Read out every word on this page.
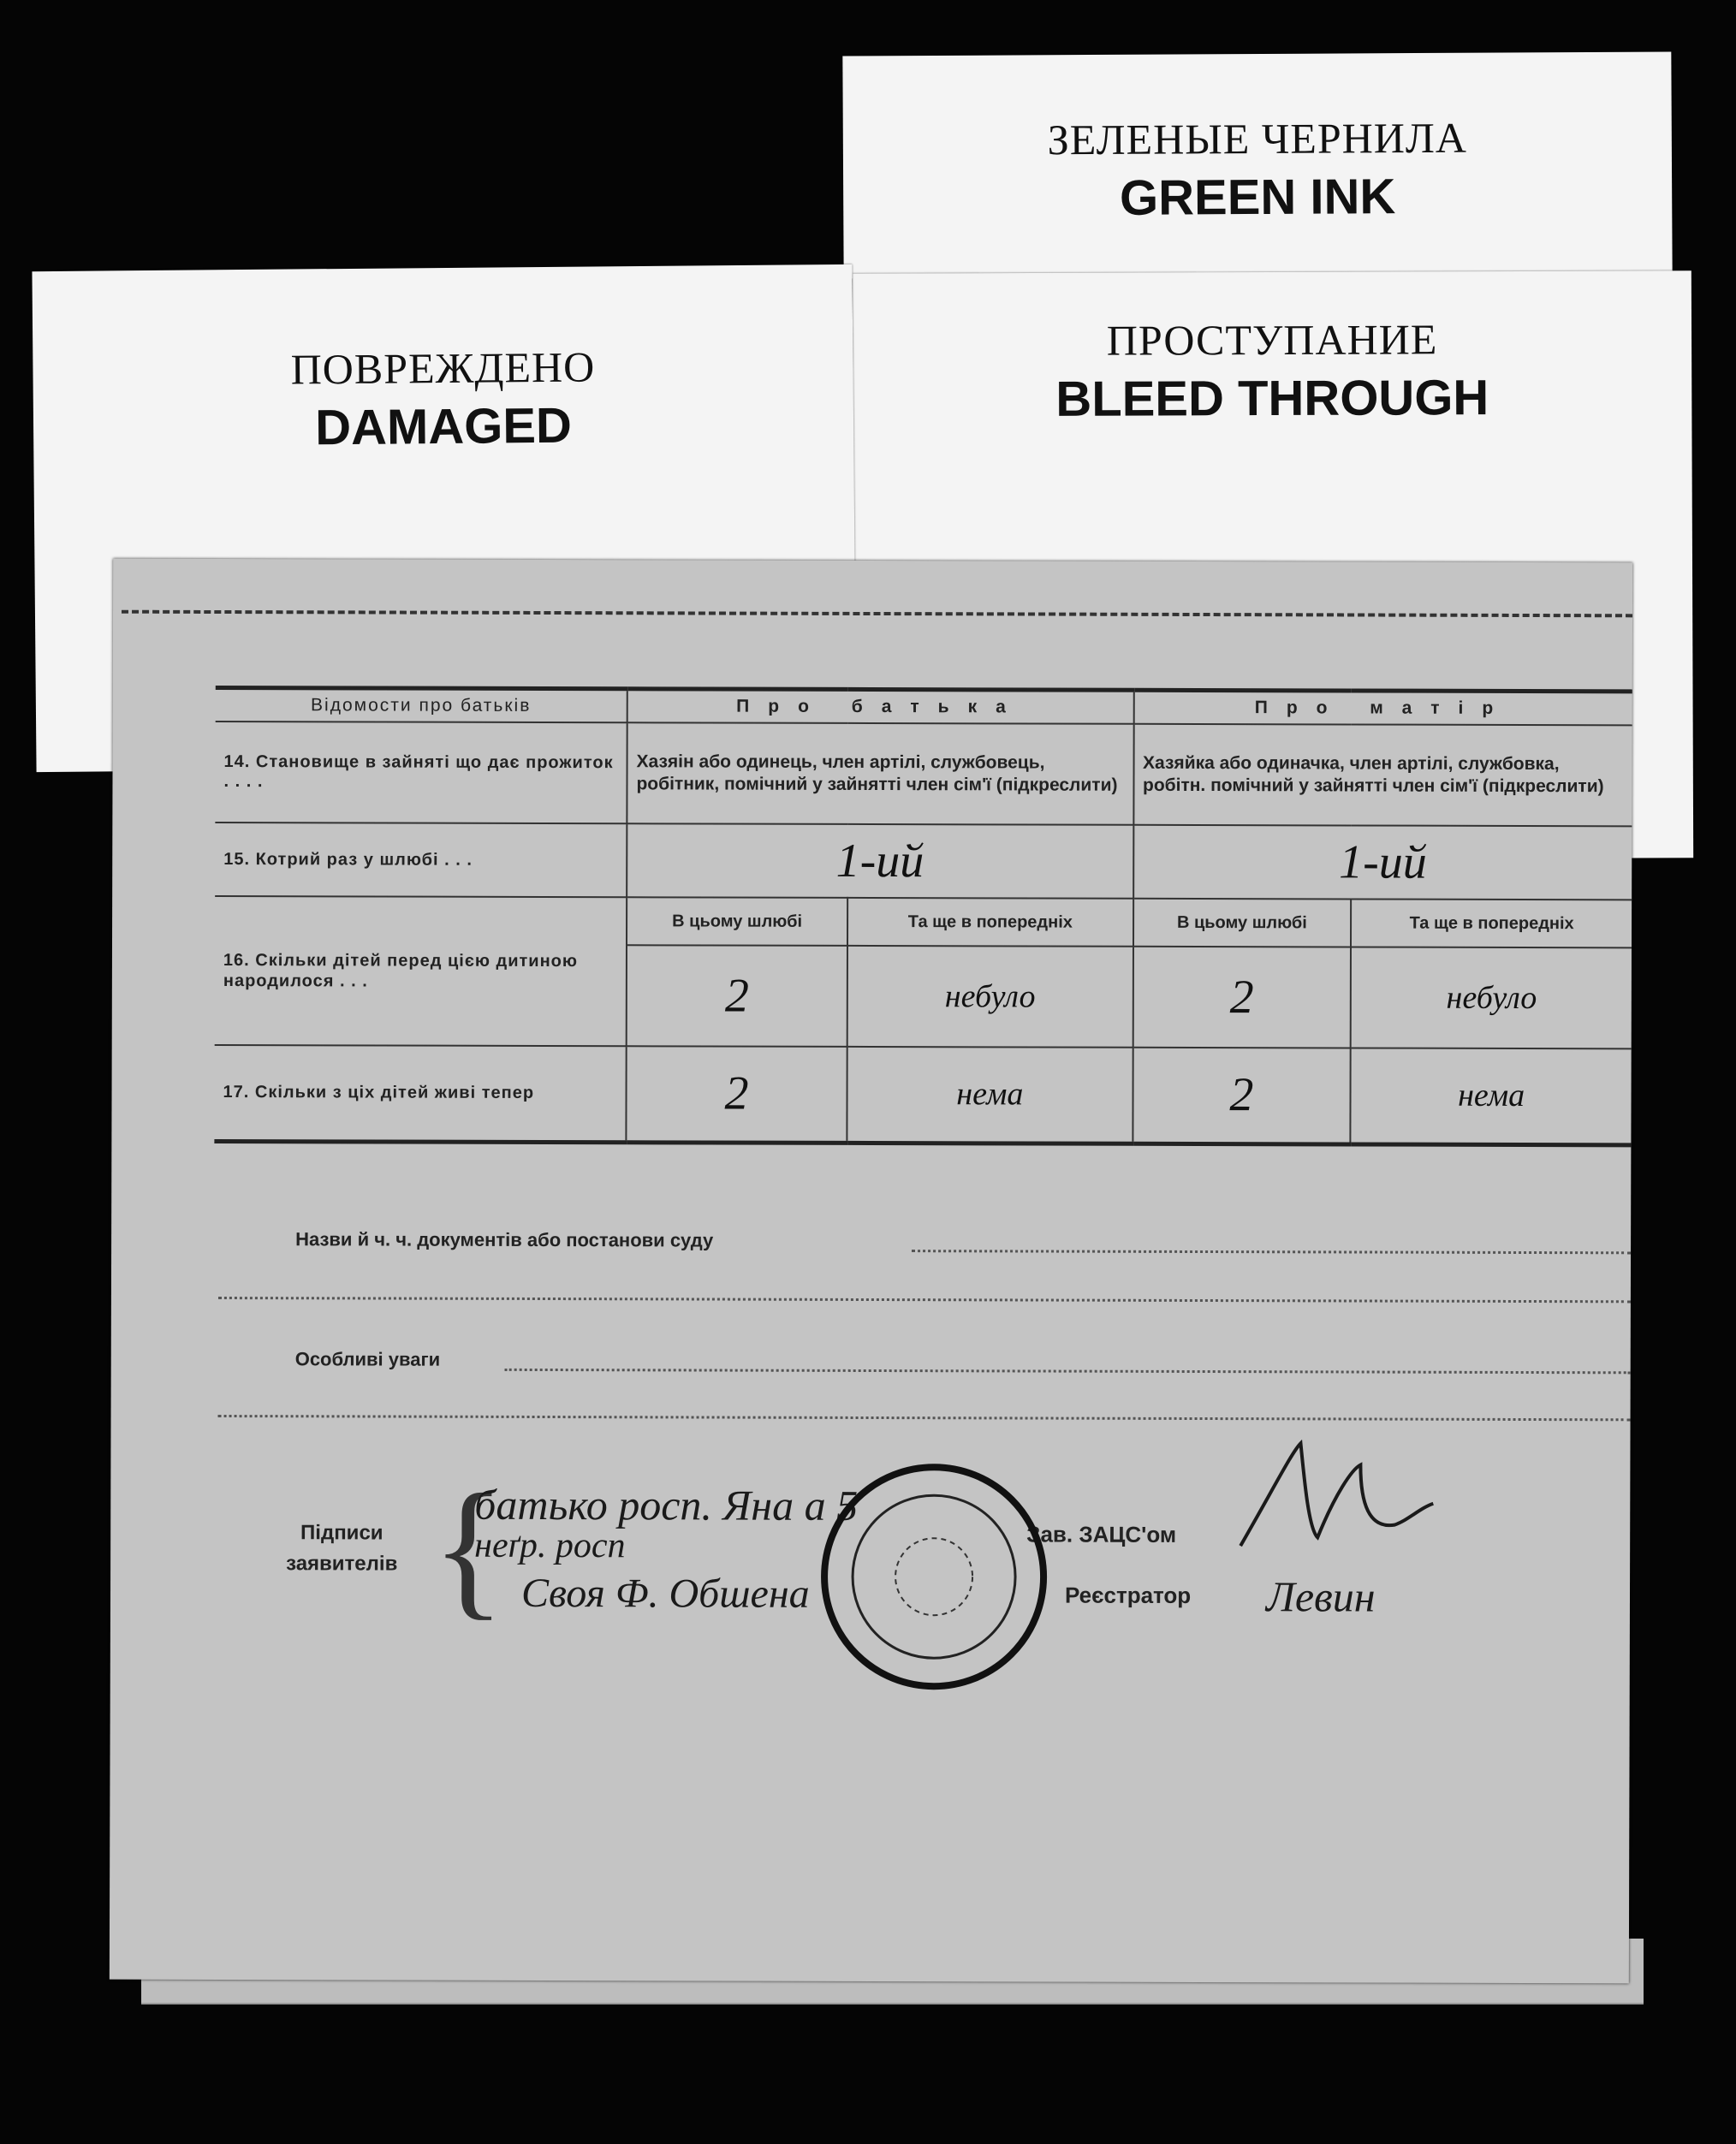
ЗЕЛЕНЫЕ ЧЕРНИЛА
GREEN INK
ПРОСТУПАНИЕ
BLEED THROUGH
ПОВРЕЖДЕНО
DAMAGED
Відомости про батьків	Про батька		Про матір	
14. Становище в зайняті що дає прожиток . . . .	Хазяін або одинець, член артілі, службовець, робітник, помічний у зайнятті член сім'ї (підкреслити)		Хазяйка або одиначка, член артілі, службовка, робітн. помічний у зайнятті член сім'ї (підкреслити)	
15. Котрий раз у шлюбі . . .	1-ий		1-ий	
16. Скільки дітей перед цією дитиною народилося . . .	В цьому шлюбі	Та ще в попередніх	В цьому шлюбі	Та ще в попередніх
	2	небуло	2	небуло
17. Скільки з ціх дітей живі тепер	2	нема	2	нема
Назви й ч. ч. документів або постанови суду
Особливі уваги
Підписи
заявителів {
батько росп. Яна а 5
неґр. росп
Своя Ф. Обшена
Зав. ЗАЦС'ом
Реєстратор Левин
